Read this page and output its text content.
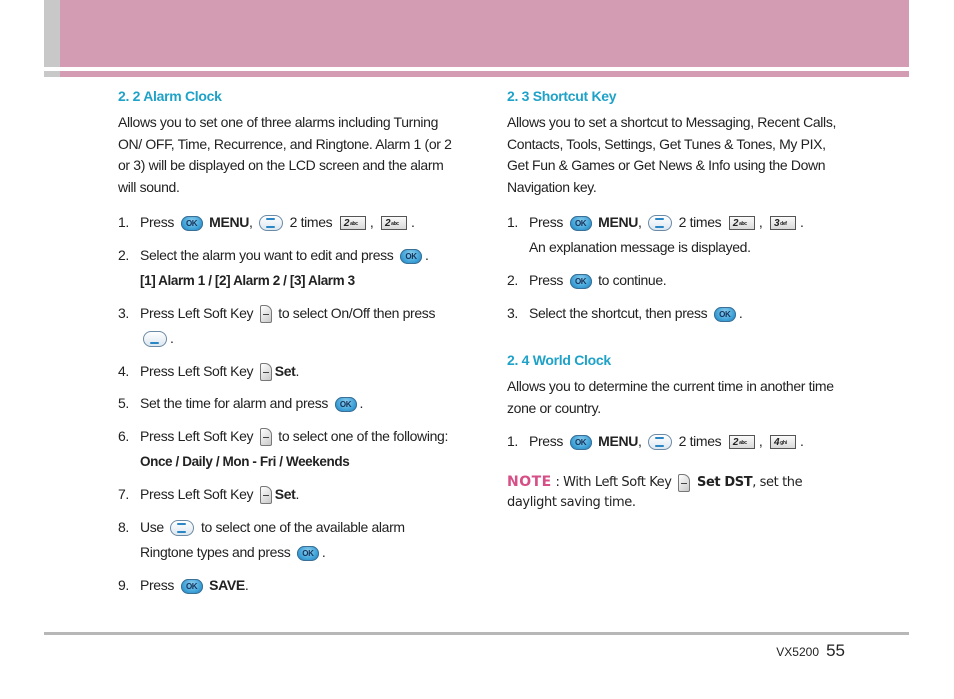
2. 2 Alarm Clock

Allows you to set one of three alarms including Turning ON/ OFF, Time, Recurrence, and Ringtone. Alarm 1 (or 2 or 3) will be displayed on the LCD screen and the alarm will sound.

1. Press OK MENU,	2 times $2^{abc}$ , $2^{abc}$ .
2. Select the alarm you want to edit and press OK .
[1] Alarm 1 / [2] Alarm 2 / [3] Alarm 3
3. Press Left Soft Key to select On/Off then press
.
4. Press Left Soft Key Set.
5. Set the time for alarm and press OK .
6. Press Left Soft Key to select one of the following:
Once / Daily / Mon - Fri / Weekends
7. Press Left Soft Key Set.
8. Use	to select one of the available alarm
Ringtone types and press OK .
9. Press OK SAVE.
2. 3 Shortcut Key

Allows you to set a shortcut to Messaging, Recent Calls, Contacts, Tools, Settings, Get Tunes & Tones, My PIX, Get Fun & Games or Get News & Info using the Down Navigation key.

1. Press OK MENU,	2 times $2^{abc}$ , $3^{def}$ .
An explanation message is displayed.
2. Press OK to continue.
3. Select the shortcut, then press OK .
2. 4 World Clock

Allows you to determine the current time in another time zone or country.

1. Press OK MENU,	2 times $2^{abc}$ , $4^{ghi}$ .

NOTE : With Left Soft Key Set DST, set the daylight saving time.

VX5200 55
